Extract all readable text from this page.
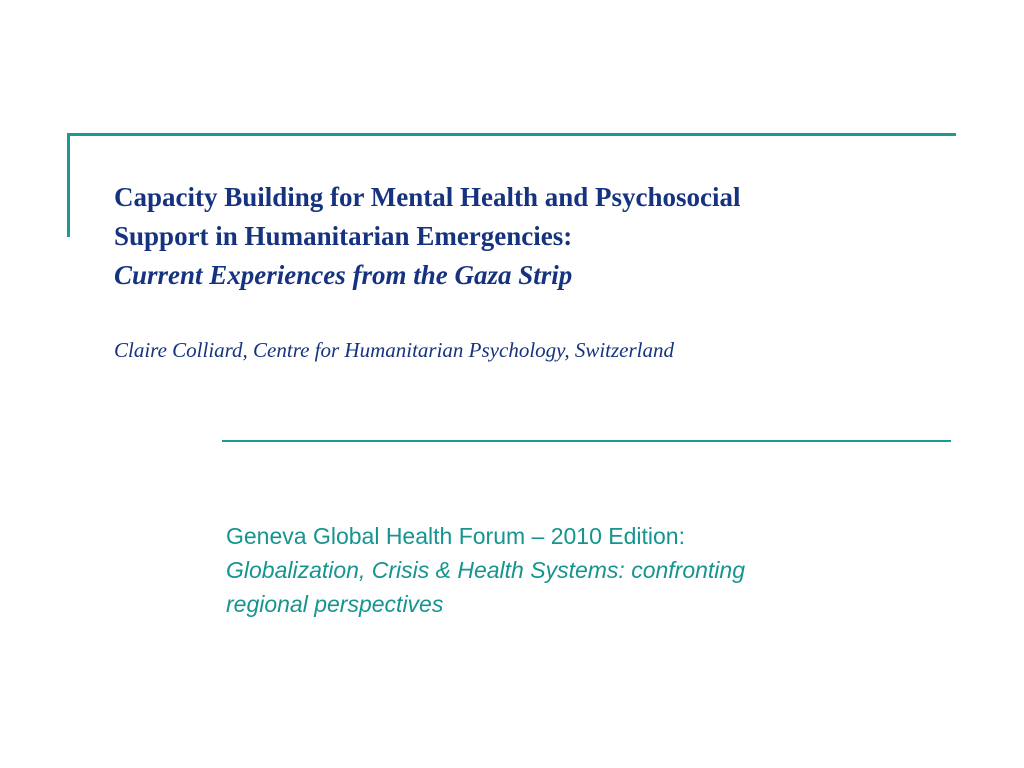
Capacity Building for Mental Health and Psychosocial
Support in Humanitarian Emergencies:
Current Experiences from the Gaza Strip
Claire Colliard, Centre for Humanitarian Psychology, Switzerland
Geneva Global Health Forum – 2010 Edition:
Globalization, Crisis & Health Systems: confronting
regional perspectives
